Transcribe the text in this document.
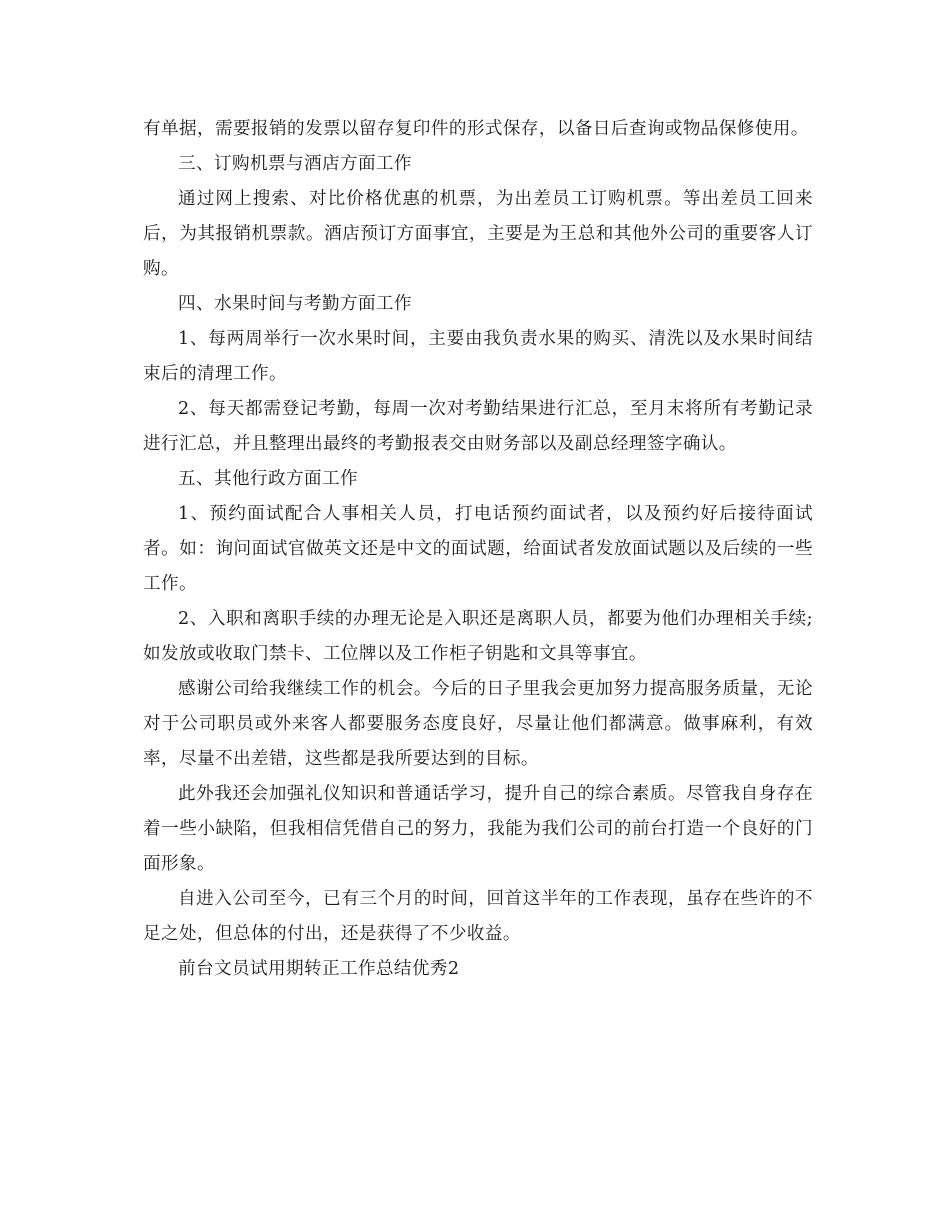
有单据，需要报销的发票以留存复印件的形式保存，以备日后查询或物品保修使用。

三、订购机票与酒店方面工作

通过网上搜索、对比价格优惠的机票，为出差员工订购机票。等出差员工回来后，为其报销机票款。酒店预订方面事宜，主要是为王总和其他外公司的重要客人订购。

四、水果时间与考勤方面工作

1、每两周举行一次水果时间，主要由我负责水果的购买、清洗以及水果时间结束后的清理工作。

2、每天都需登记考勤，每周一次对考勤结果进行汇总，至月末将所有考勤记录进行汇总，并且整理出最终的考勤报表交由财务部以及副总经理签字确认。

五、其他行政方面工作

1、预约面试配合人事相关人员，打电话预约面试者，以及预约好后接待面试者。如：询问面试官做英文还是中文的面试题，给面试者发放面试题以及后续的一些工作。

2、入职和离职手续的办理无论是入职还是离职人员，都要为他们办理相关手续;如发放或收取门禁卡、工位牌以及工作柜子钥匙和文具等事宜。

感谢公司给我继续工作的机会。今后的日子里我会更加努力提高服务质量，无论对于公司职员或外来客人都要服务态度良好，尽量让他们都满意。做事麻利，有效率，尽量不出差错，这些都是我所要达到的目标。

此外我还会加强礼仪知识和普通话学习，提升自己的综合素质。尽管我自身存在着一些小缺陷，但我相信凭借自己的努力，我能为我们公司的前台打造一个良好的门面形象。

自进入公司至今，已有三个月的时间，回首这半年的工作表现，虽存在些许的不足之处，但总体的付出，还是获得了不少收益。

前台文员试用期转正工作总结优秀2
